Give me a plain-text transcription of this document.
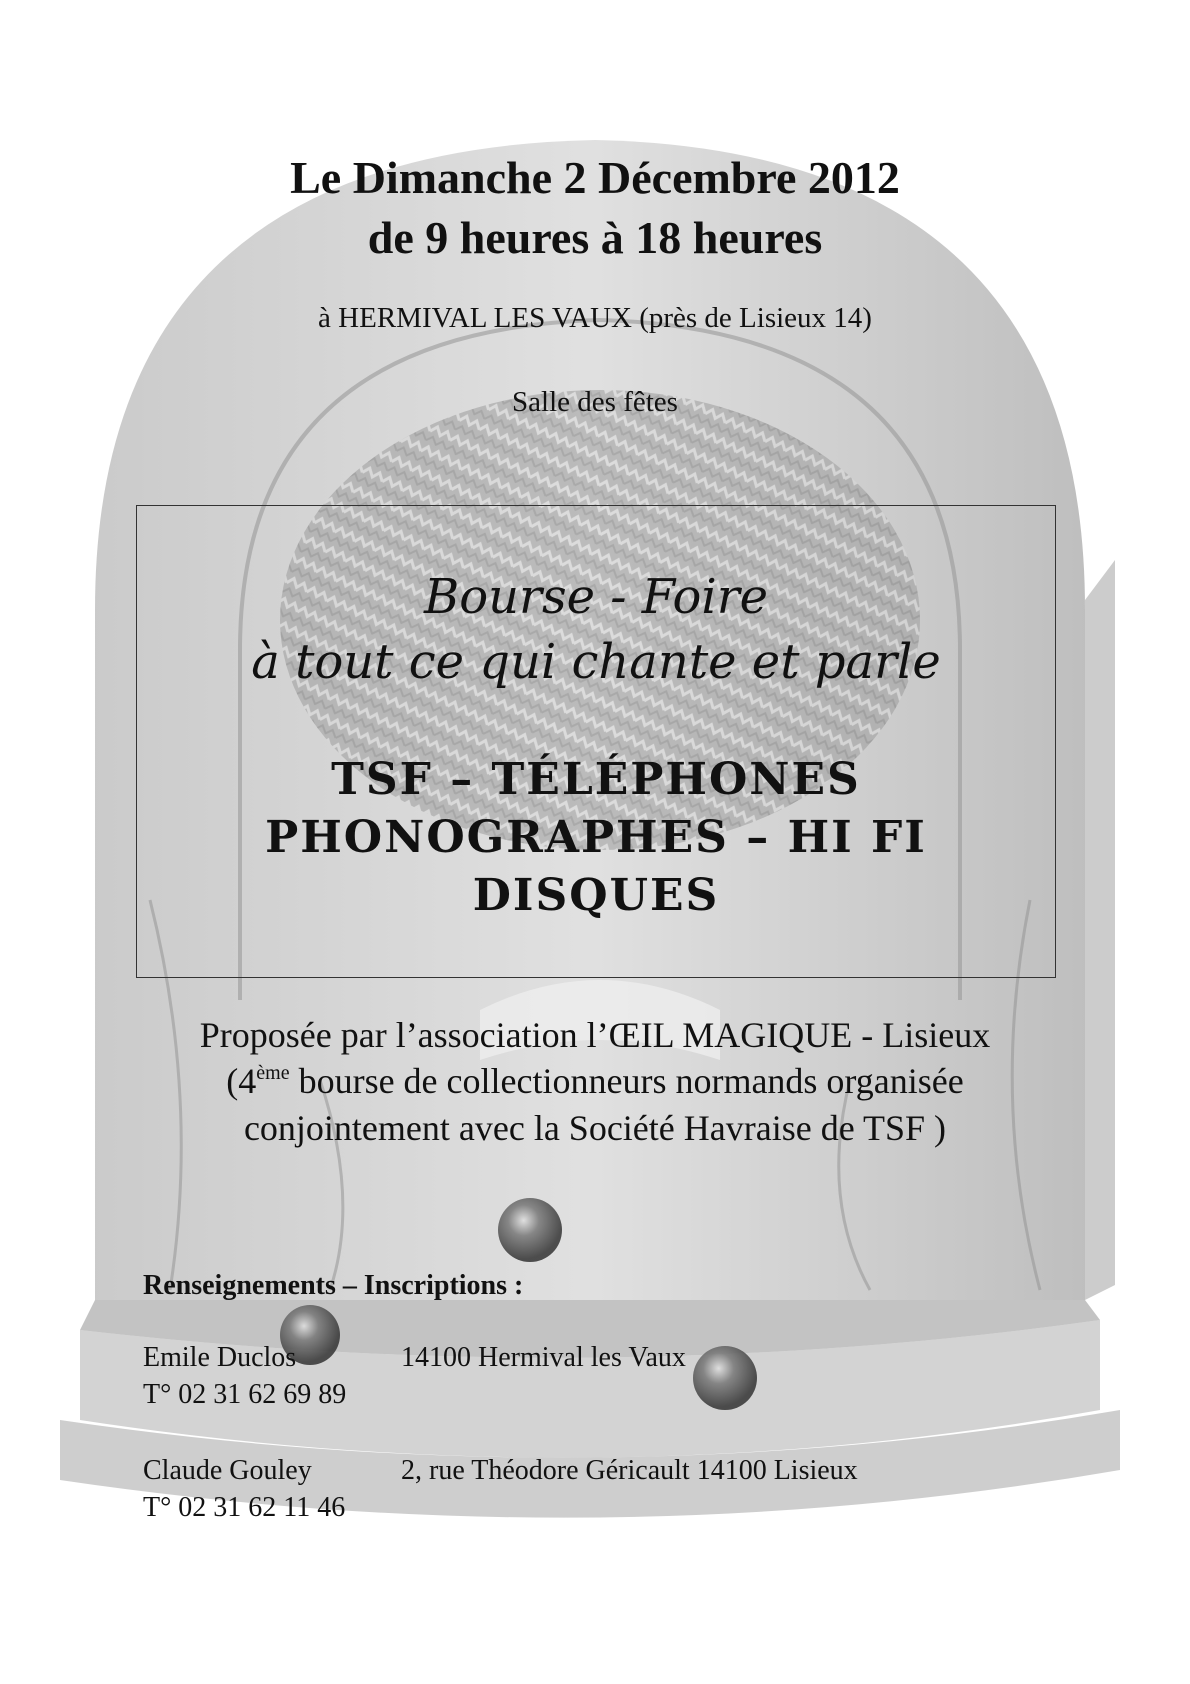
Le Dimanche 2 Décembre 2012
de 9 heures à 18 heures
à HERMIVAL LES VAUX (près de Lisieux 14)
Salle des fêtes
Bourse - Foire
à tout ce qui chante et parle
TSF – TÉLÉPHONES
PHONOGRAPHES – HI FI
DISQUES
Proposée par l’association l’ŒIL MAGIQUE - Lisieux
(4ème bourse de collectionneurs normands organisée
conjointement avec la Société Havraise de TSF )
Renseignements – Inscriptions :
Emile Duclos	14100 Hermival les Vaux
T° 02 31 62 69 89
Claude Gouley	2, rue Théodore Géricault 14100 Lisieux
T° 02 31 62 11 46
